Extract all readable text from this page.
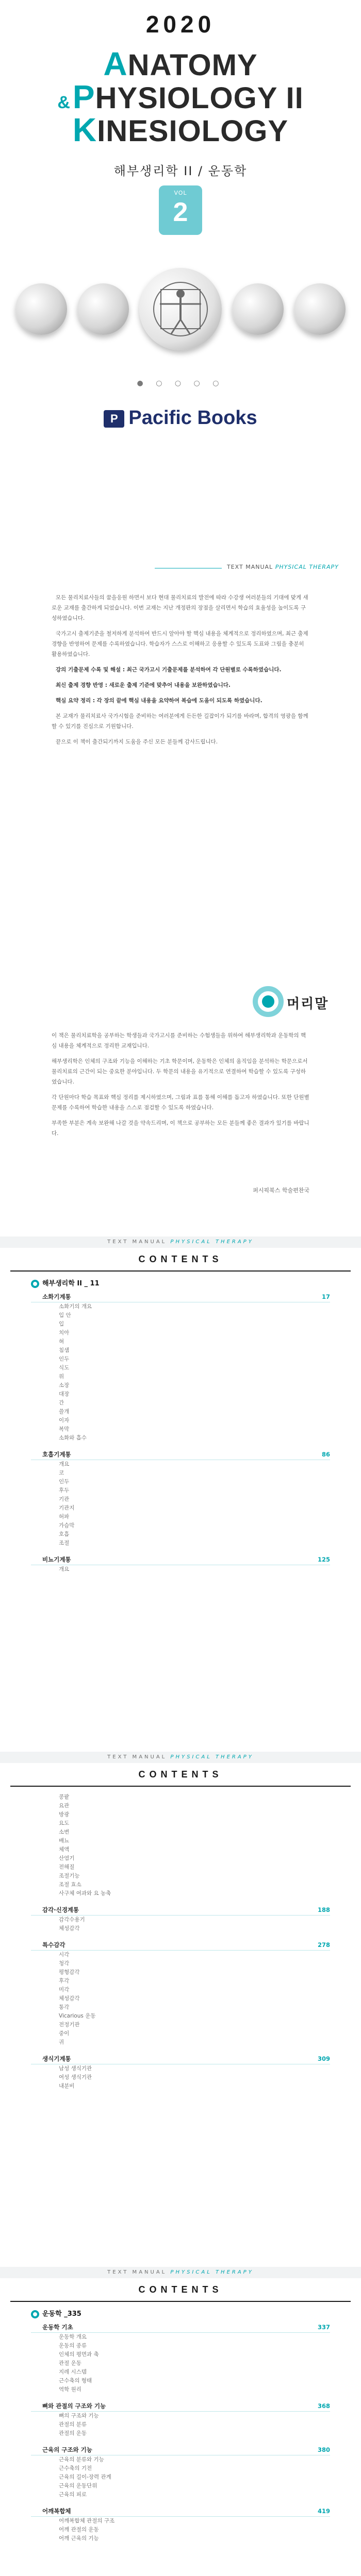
2020
ANATOMY
&PHYSIOLOGY II
KINESIOLOGY
해부생리학 II / 운동학
VOL
2
● ○ ○ ○ ○
P Pacific Books
TEXT MANUAL PHYSICAL THERAPY

모든 물리치료사들의 꿈을응원 하면서 보다 현대 물리치료의 발전에 따라 수강생 여러분들의 기대에 맞게 새로운 교재를 출간하게 되었습니다. 이번 교재는 지난 개정판의 장점을 살리면서 학습의 효율성을 높이도록 구성하였습니다.

국가고시 출제기준을 철저하게 분석하여 반드시 알아야 할 핵심 내용을 체계적으로 정리하였으며, 최근 출제 경향을 반영하여 문제를 수록하였습니다. 학습자가 스스로 이해하고 응용할 수 있도록 도표와 그림을 충분히 활용하였습니다.

강의 기출문제 수록 및 해설 : 최근 국가고시 기출문제를 분석하여 각 단원별로 수록하였습니다.

최신 출제 경향 반영 : 새로운 출제 기준에 맞추어 내용을 보완하였습니다.

핵심 요약 정리 : 각 장의 끝에 핵심 내용을 요약하여 복습에 도움이 되도록 하였습니다.

본 교재가 물리치료사 국가시험을 준비하는 여러분에게 든든한 길잡이가 되기를 바라며, 합격의 영광을 함께할 수 있기를 진심으로 기원합니다.

끝으로 이 책이 출간되기까지 도움을 주신 모든 분들께 감사드립니다.

머리말

이 책은 물리치료학을 공부하는 학생들과 국가고시를 준비하는 수험생들을 위하여 해부생리학과 운동학의 핵심 내용을 체계적으로 정리한 교재입니다.

해부생리학은 인체의 구조와 기능을 이해하는 기초 학문이며, 운동학은 인체의 움직임을 분석하는 학문으로서 물리치료의 근간이 되는 중요한 분야입니다. 두 학문의 내용을 유기적으로 연결하여 학습할 수 있도록 구성하였습니다.

각 단원마다 학습 목표와 핵심 정리를 제시하였으며, 그림과 표를 통해 이해를 돕고자 하였습니다. 또한 단원별 문제를 수록하여 학습한 내용을 스스로 점검할 수 있도록 하였습니다.

부족한 부분은 계속 보완해 나갈 것을 약속드리며, 이 책으로 공부하는 모든 분들께 좋은 결과가 있기를 바랍니다.

퍼시픽북스 학술편찬국
TEXT MANUAL PHYSICAL THERAPY
CONTENTS
해부생리학 II _ 11
소화기계통	17
소화기의 개요
입 안
입
치아
혀
침샘
인두
식도
위
소장
대장
간
쓸개
이자
복막
소화와 흡수
호흡기계통	86
개요
코
인두
후두
기관
기관지
허파
가슴막
호흡
조절
비뇨기계통	125
개요
TEXT MANUAL PHYSICAL THERAPY
CONTENTS
콩팥
요관
방광
요도
소변
배뇨
체액
산염기
전해질
조절기능
조절 효소
사구체 여과와 요 농축
감각·신경계통	188
감각수용기
체성감각
특수감각	278
시각
청각
평형감각
후각
미각
체성감각
통각
Vicarious 운동
전정기관
중이
귀
생식기계통	309
남성 생식기관
여성 생식기관
내분비
TEXT MANUAL PHYSICAL THERAPY
CONTENTS
운동학 _335
운동학 기초	337
운동학 개요
운동의 종류
인체의 평면과 축
관절 운동
지레 시스템
근수축의 형태
역학 원리
뼈와 관절의 구조와 기능	368
뼈의 구조와 기능
관절의 분류
관절의 운동
근육의 구조와 기능	380
근육의 분류와 기능
근수축의 기전
근육의 길이-장력 관계
근육의 운동단위
근육의 피로
어깨복합체	419
어깨복합체 관절의 구조
어깨 관절의 운동
어깨 근육의 기능
